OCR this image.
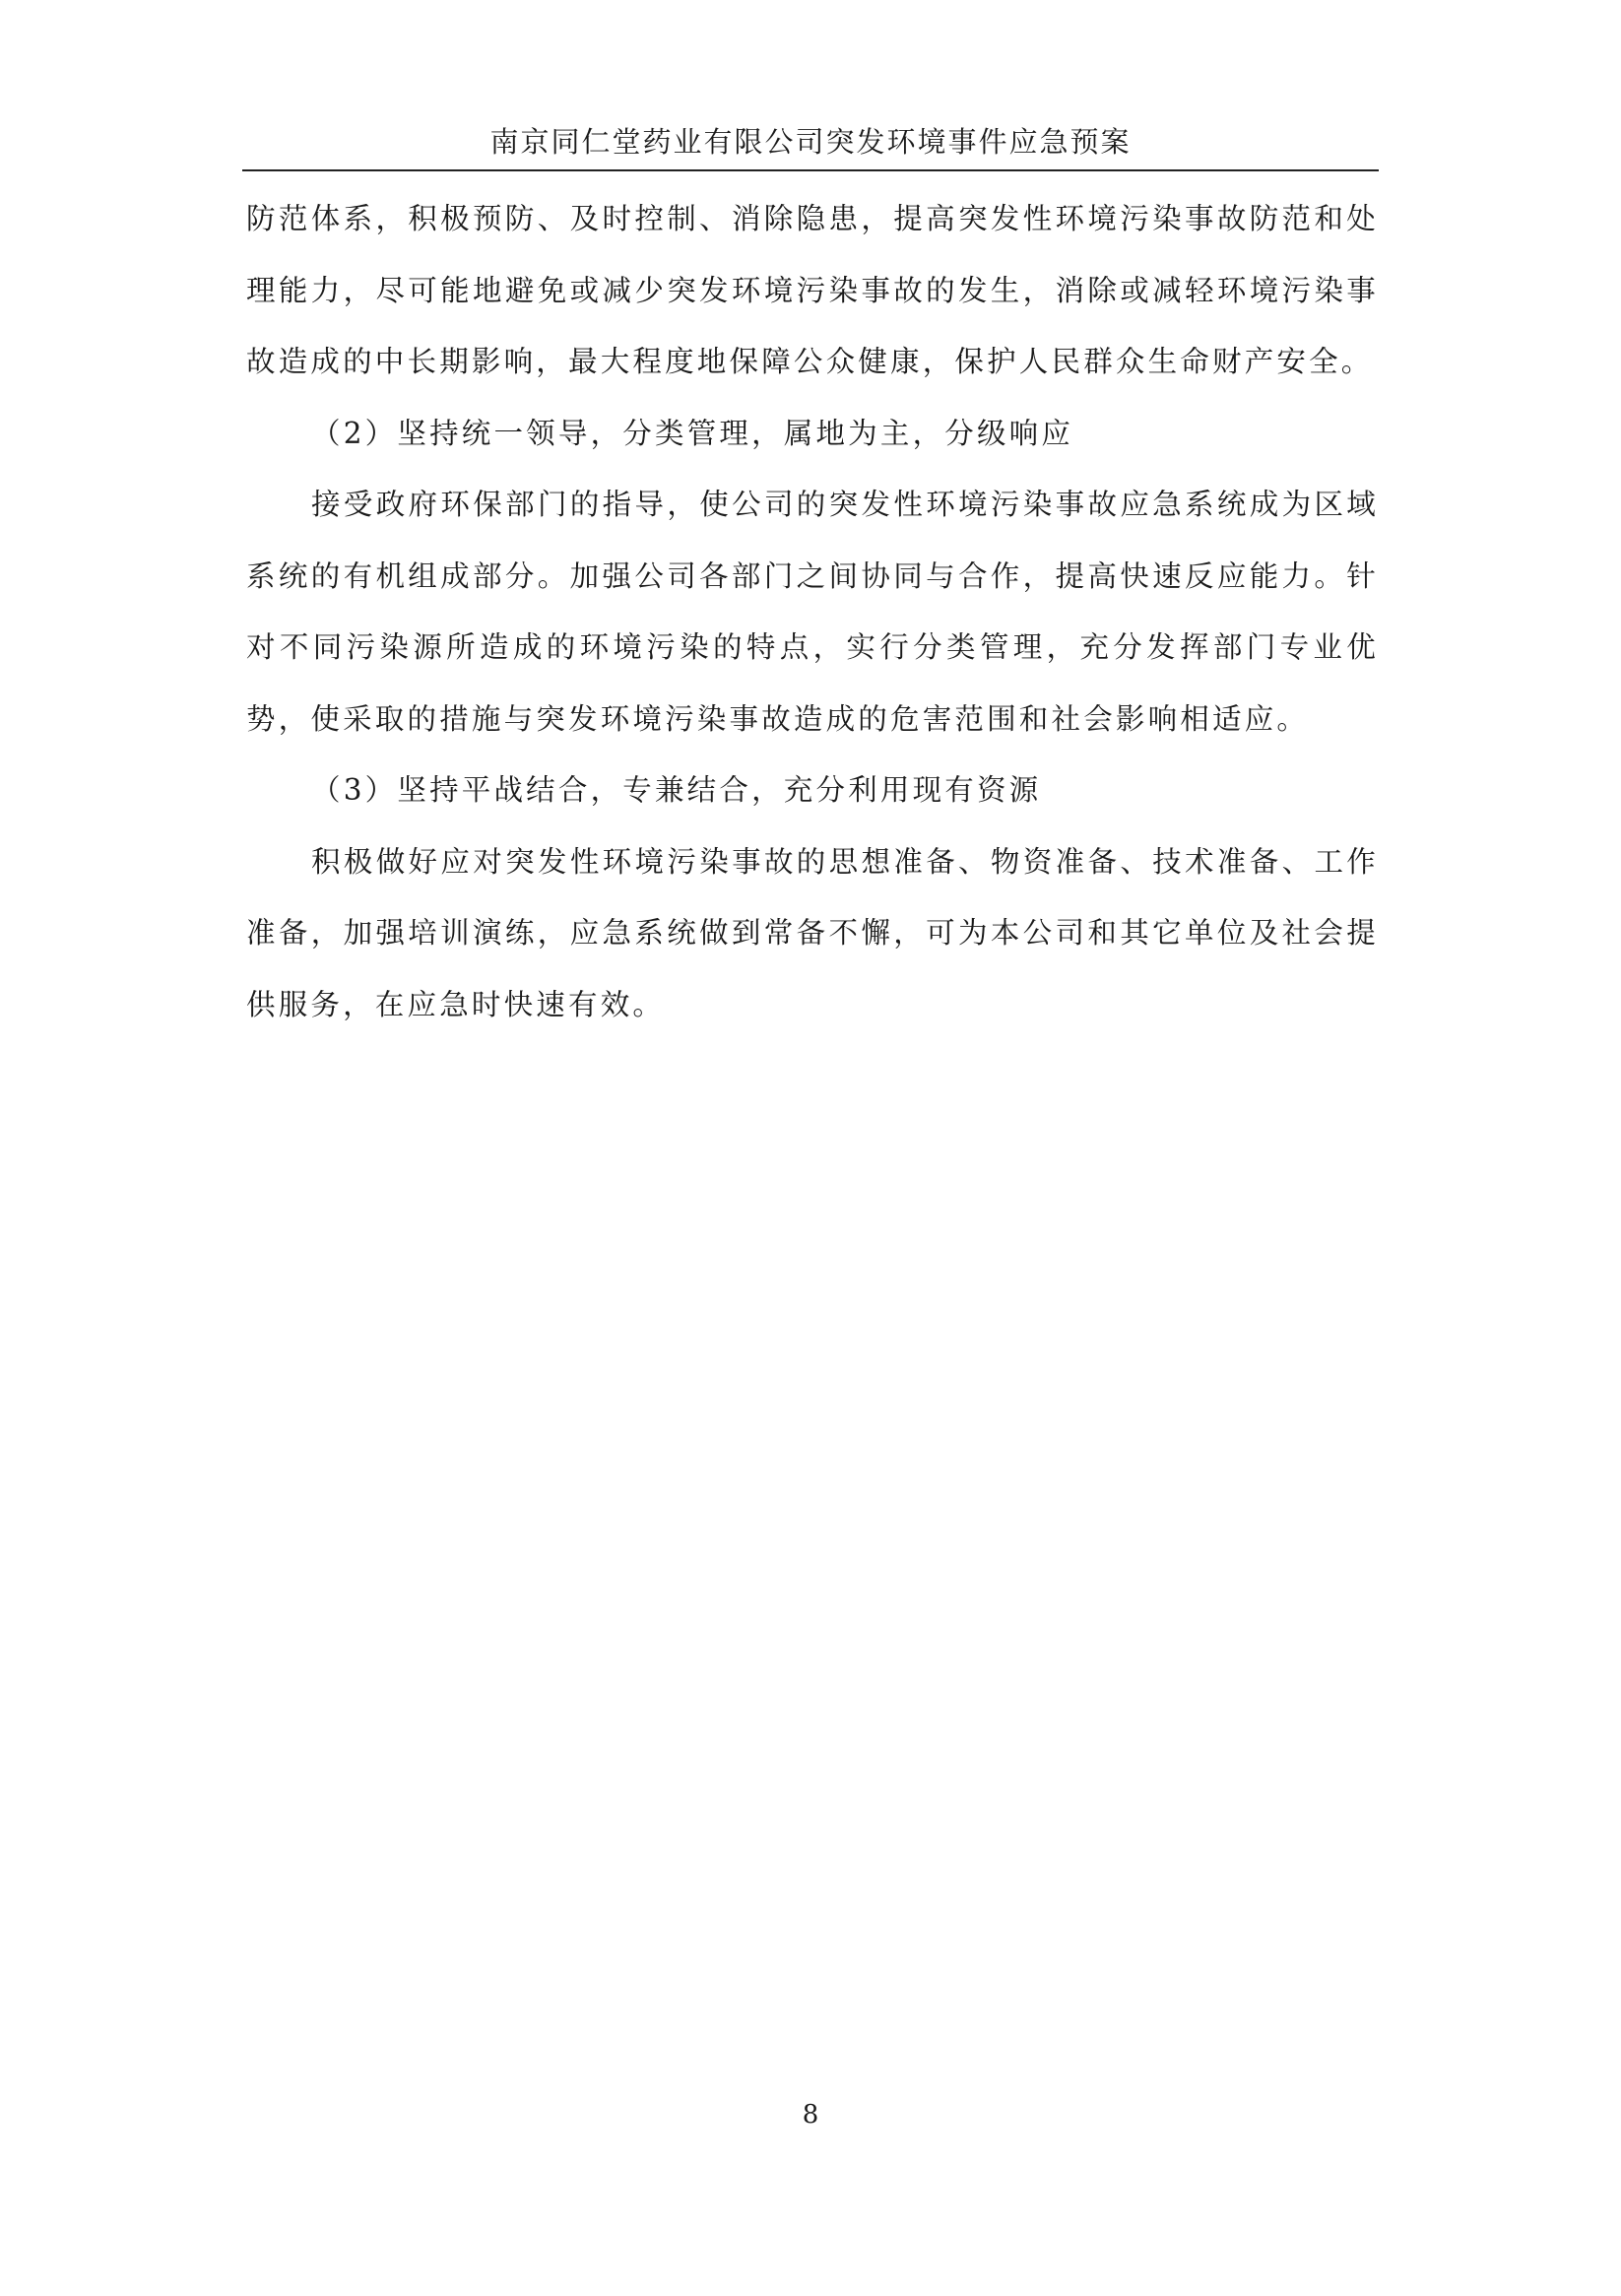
南京同仁堂药业有限公司突发环境事件应急预案

防范体系，积极预防、及时控制、消除隐患，提高突发性环境污染事故防范和处理能力，尽可能地避免或减少突发环境污染事故的发生，消除或减轻环境污染事故造成的中长期影响，最大程度地保障公众健康，保护人民群众生命财产安全。

（2）坚持统一领导，分类管理，属地为主，分级响应

接受政府环保部门的指导，使公司的突发性环境污染事故应急系统成为区域系统的有机组成部分。加强公司各部门之间协同与合作，提高快速反应能力。针对不同污染源所造成的环境污染的特点，实行分类管理，充分发挥部门专业优势，使采取的措施与突发环境污染事故造成的危害范围和社会影响相适应。

（3）坚持平战结合，专兼结合，充分利用现有资源

积极做好应对突发性环境污染事故的思想准备、物资准备、技术准备、工作准备，加强培训演练，应急系统做到常备不懈，可为本公司和其它单位及社会提供服务，在应急时快速有效。

8
